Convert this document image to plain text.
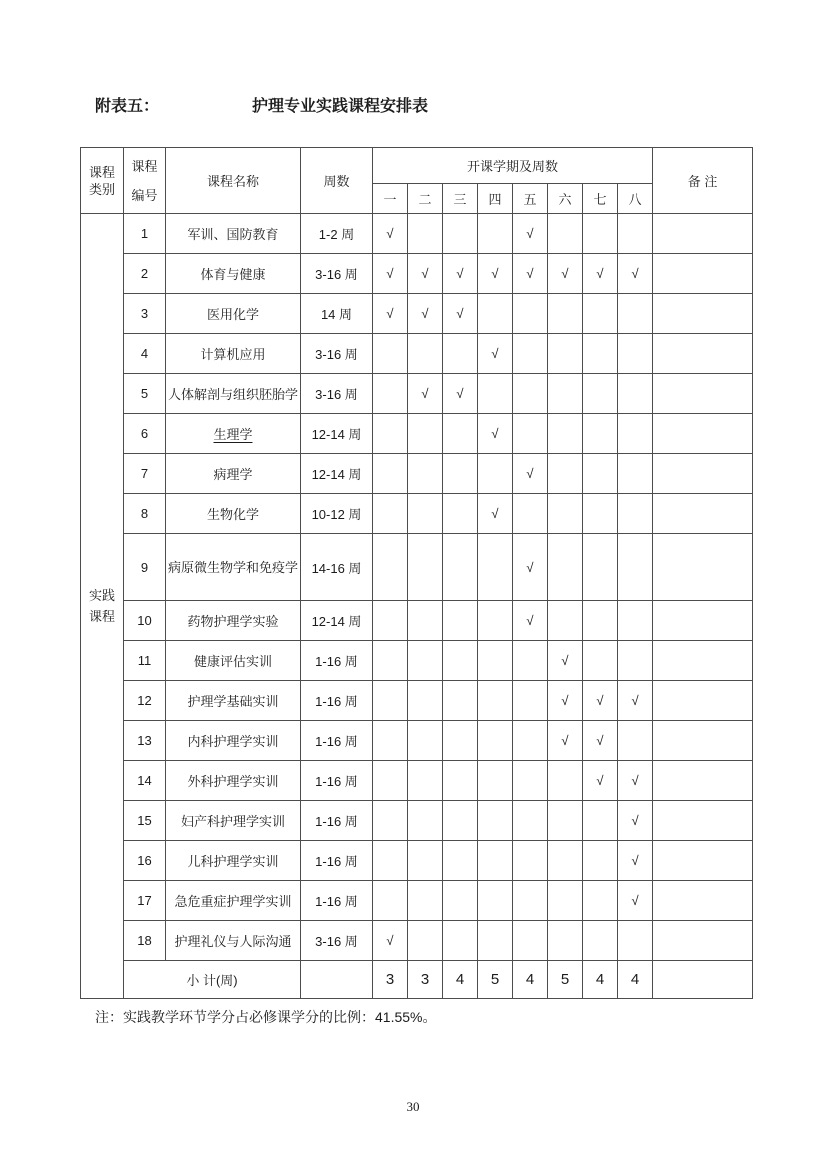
附表五：	护理专业实践课程安排表
课程
类别	课程
编号	课程名称	周数	开课学期及周数								备 注
				一	二	三	四	五	六	七	八	

实践
课程	1	军训、国防教育	1-2 周	√				√				
	2	体育与健康	3-16 周	√	√	√	√	√	√	√	√	
	3	医用化学	14 周	√	√	√						
	4	计算机应用	3-16 周				√					
	5	人体解剖与组织胚胎学	3-16 周		√	√						
	6	生理学	12-14 周				√					
	7	病理学	12-14 周					√				
	8	生物化学	10-12 周				√					
	9	病原微生物学和免疫学	14-16 周					√				
	10	药物护理学实验	12-14 周					√				
	11	健康评估实训	1-16 周						√			
	12	护理学基础实训	1-16 周						√	√	√	
	13	内科护理学实训	1-16 周						√	√		
	14	外科护理学实训	1-16 周							√	√	
	15	妇产科护理学实训	1-16 周								√	
	16	儿科护理学实训	1-16 周								√	
	17	急危重症护理学实训	1-16 周								√	
	18	护理礼仪与人际沟通	3-16 周	√								
	小 计(周)			3	3	4	5	4	5	4	4	
注：实践教学环节学分占必修课学分的比例：41.55%。
30
